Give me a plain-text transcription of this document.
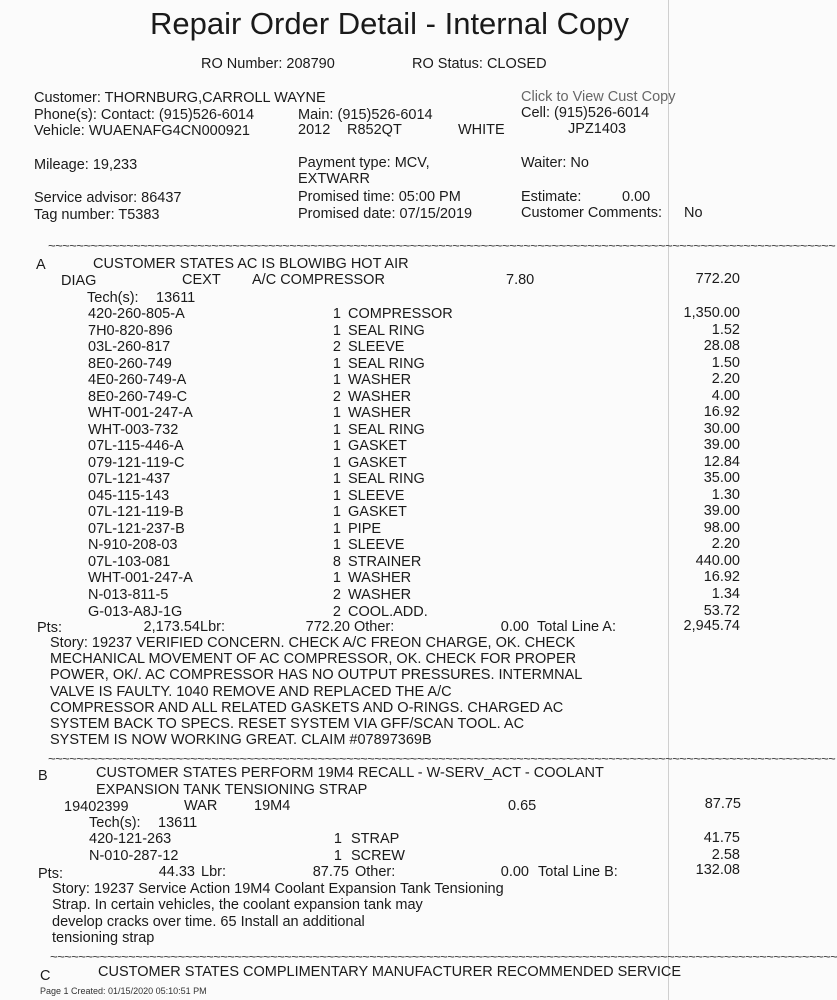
Repair Order Detail - Internal Copy
RO Number: 208790	RO Status: CLOSED
Customer: THORNBURG,CARROLL WAYNE	Click to View Cust Copy
Phone(s): Contact: (915)526-6014	Main: (915)526-6014	Cell: (915)526-6014
Vehicle: WUAENAFG4CN000921	2012 R852QT	WHITE	JPZ1403
Mileage: 19,233	Payment type: MCV,
EXTWARR
Waiter: No
Service advisor: 86437	Promised time: 05:00 PM	Estimate:	0.00
Tag number: T5383	Promised date: 07/15/2019	Customer Comments: No
~~~~~~~~~~~~~~~~~~~~~~~~~~~~~~~~~~~~~~~~~~~~~~~~~~~~~~~~~~~~~~~~~~~~~~~~~~~~~~~~~~~~~~~~~~~~~~~~~~~~~~~~~~~~~~~
A	CUSTOMER STATES AC IS BLOWIBG HOT AIR
DIAG	CEXT A/C COMPRESSOR	7.80	772.20
Tech(s): 13611
420-260-805-A	1 COMPRESSOR	1,350.00
7H0-820-896	1 SEAL RING	1.52
03L-260-817	2 SLEEVE	28.08
8E0-260-749	1 SEAL RING	1.50
4E0-260-749-A	1 WASHER	2.20
8E0-260-749-C	2 WASHER	4.00
WHT-001-247-A	1 WASHER	16.92
WHT-003-732	1 SEAL RING	30.00
07L-115-446-A	1 GASKET	39.00
079-121-119-C	1 GASKET	12.84
07L-121-437	1 SEAL RING	35.00
045-115-143	1 SLEEVE	1.30
07L-121-119-B	1 GASKET	39.00
07L-121-237-B	1 PIPE	98.00
N-910-208-03	1 SLEEVE	2.20
07L-103-081	8 STRAINER	440.00
WHT-001-247-A	1 WASHER	16.92
N-013-811-5	2 WASHER	1.34
G-013-A8J-1G	2 COOL.ADD.	53.72
Pts:	2,173.54 Lbr:	772.20 Other:	0.00 Total Line A:	2,945.74
Story: 19237 VERIFIED CONCERN. CHECK A/C FREON CHARGE, OK. CHECK
MECHANICAL MOVEMENT OF AC COMPRESSOR, OK. CHECK FOR PROPER
POWER, OK/. AC COMPRESSOR HAS NO OUTPUT PRESSURES. INTERMNAL
VALVE IS FAULTY. 1040 REMOVE AND REPLACED THE A/C
COMPRESSOR AND ALL RELATED GASKETS AND O-RINGS. CHARGED AC
SYSTEM BACK TO SPECS. RESET SYSTEM VIA GFF/SCAN TOOL. AC
SYSTEM IS NOW WORKING GREAT. CLAIM #07897369B
~~~~~~~~~~~~~~~~~~~~~~~~~~~~~~~~~~~~~~~~~~~~~~~~~~~~~~~~~~~~~~~~~~~~~~~~~~~~~~~~~~~~~~~~~~~~~~~~~~~~~~~~~~~~~~~
B	CUSTOMER STATES PERFORM 19M4 RECALL - W-SERV_ACT - COOLANT
EXPANSION TANK TENSIONING STRAP
19402399	WAR	19M4	0.65	87.75
Tech(s): 13611
420-121-263	1 STRAP	41.75
N-010-287-12	1 SCREW	2.58
Pts:	44.33 Lbr:	87.75 Other:	0.00 Total Line B:	132.08
Story: 19237 Service Action 19M4 Coolant Expansion Tank Tensioning
Strap. In certain vehicles, the coolant expansion tank may
develop cracks over time. 65 Install an additional
tensioning strap
~~~~~~~~~~~~~~~~~~~~~~~~~~~~~~~~~~~~~~~~~~~~~~~~~~~~~~~~~~~~~~~~~~~~~~~~~~~~~~~~~~~~~~~~~~~~~~~~~~~~~~~~~~~~~~~
C	CUSTOMER STATES COMPLIMENTARY MANUFACTURER RECOMMENDED SERVICE
Page 1 Created: 01/15/2020 05:10:51 PM
